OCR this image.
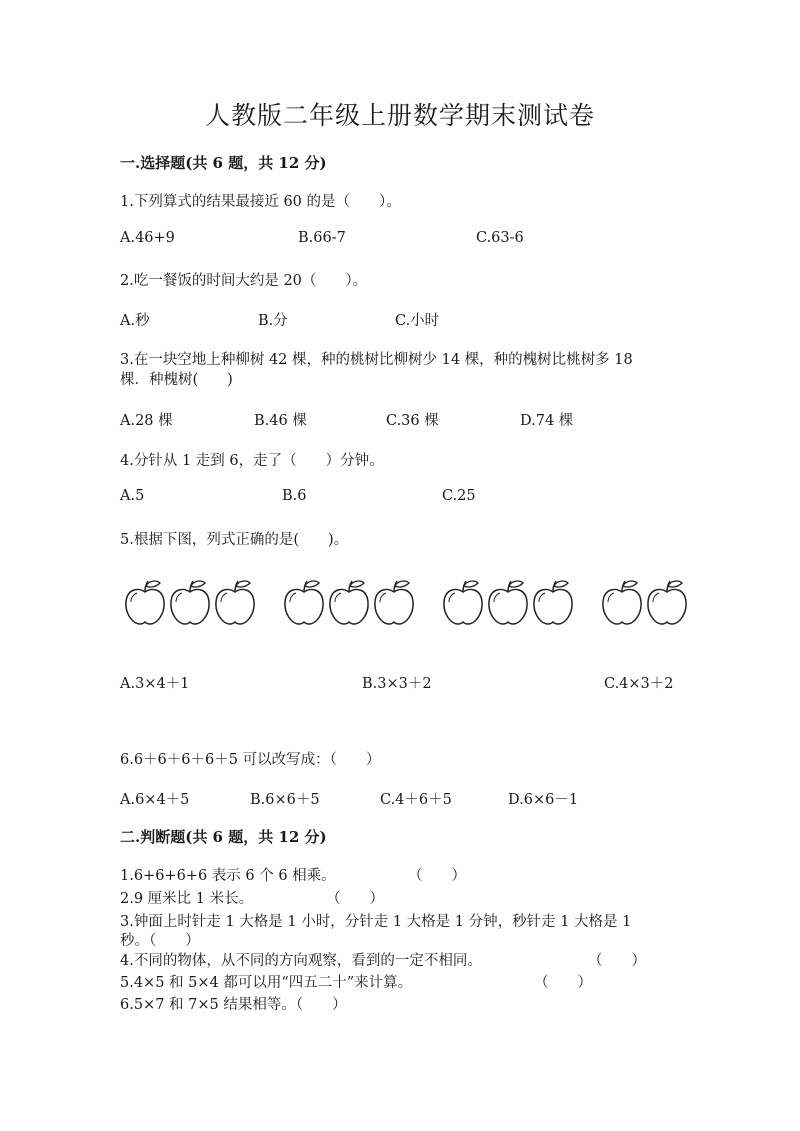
人教版二年级上册数学期末测试卷
一.选择题(共 6 题，共 12 分)
1.下列算式的结果最接近 60 的是（　　）。
A.46+9	B.66-7	C.63-6
2.吃一餐饭的时间大约是 20（　　）。
A.秒	B.分	C.小时
3.在一块空地上种柳树 42 棵，种的桃树比柳树少 14 棵，种的槐树比桃树多 18
棵．种槐树(　　)
A.28 棵	B.46 棵	C.36 棵	D.74 棵
4.分针从 1 走到 6，走了（　　）分钟。
A.5	B.6	C.25
5.根据下图，列式正确的是(　　)。
A.3×4＋1	B.3×3＋2	C.4×3＋2
6.6＋6＋6＋6＋5 可以改写成：（　　）
A.6×4＋5	B.6×6＋5	C.4＋6＋5	D.6×6－1
二.判断题(共 6 题，共 12 分)
1.6+6+6+6 表示 6 个 6 相乘。	（　　）
2.9 厘米比 1 米长。	（　　）
3.钟面上时针走 1 大格是 1 小时，分针走 1 大格是 1 分钟，秒针走 1 大格是 1
秒。（　　）
4.不同的物体，从不同的方向观察，看到的一定不相同。	（　　）
5.4×5 和 5×4 都可以用“四五二十”来计算。	（　　）
6.5×7 和 7×5 结果相等。（　　）
